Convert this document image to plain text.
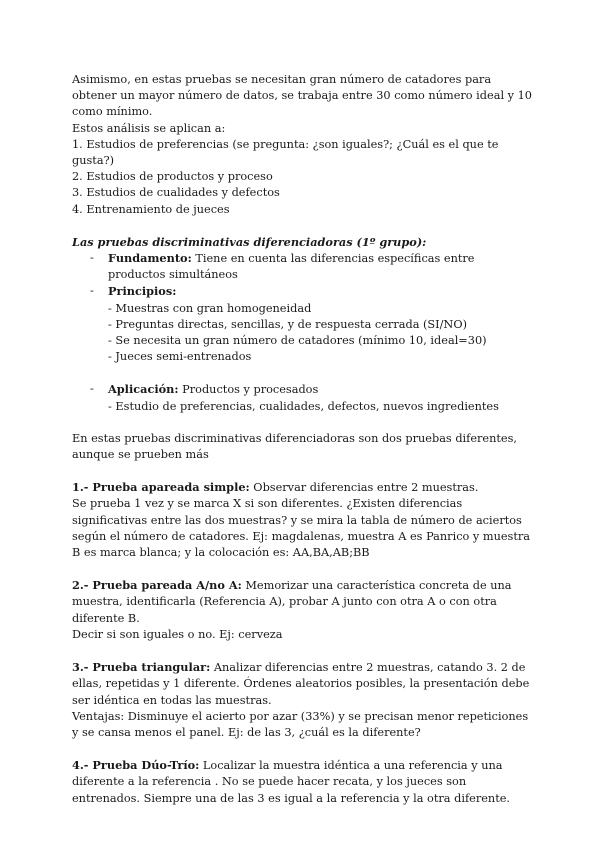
Asimismo, en estas pruebas se necesitan gran número de catadores para obtener un mayor número de datos, se trabaja entre 30 como número ideal y 10 como mínimo.

Estos análisis se aplican a:

1. Estudios de preferencias (se pregunta: ¿son iguales?; ¿Cuál es el que te gusta?)

2. Estudios de productos y proceso

3. Estudios de cualidades y defectos

4. Entrenamiento de jueces

Las pruebas discriminativas diferenciadoras (1º grupo):

- Fundamento: Tiene en cuenta las diferencias específicas entre productos simultáneos
- Principios:

- Muestras con gran homogeneidad

- Preguntas directas, sencillas, y de respuesta cerrada (SI/NO)

- Se necesita un gran número de catadores (mínimo 10, ideal=30)

- Jueces semi-entrenados

- Aplicación: Productos y procesados

- Estudio de preferencias, cualidades, defectos, nuevos ingredientes

En estas pruebas discriminativas diferenciadoras son dos pruebas diferentes, aunque se prueben más

1.- Prueba apareada simple: Observar diferencias entre 2 muestras.

Se prueba 1 vez y se marca X si son diferentes. ¿Existen diferencias significativas entre las dos muestras? y se mira la tabla de número de aciertos según el número de catadores. Ej: magdalenas, muestra A es Panrico y muestra B es marca blanca; y la colocación es: AA,BA,AB;BB

2.- Prueba pareada A/no A: Memorizar una característica concreta de una muestra, identificarla (Referencia A), probar A junto con otra A o con otra diferente B.

Decir si son iguales o no. Ej: cerveza

3.- Prueba triangular: Analizar diferencias entre 2 muestras, catando 3. 2 de ellas, repetidas y 1 diferente. Órdenes aleatorios posibles, la presentación debe ser idéntica en todas las muestras.

Ventajas: Disminuye el acierto por azar (33%) y se precisan menor repeticiones y se cansa menos el panel. Ej: de las 3, ¿cuál es la diferente?

4.- Prueba Dúo-Trío: Localizar la muestra idéntica a una referencia y una diferente a la referencia . No se puede hacer recata, y los jueces son entrenados. Siempre una de las 3 es igual a la referencia y la otra diferente.
